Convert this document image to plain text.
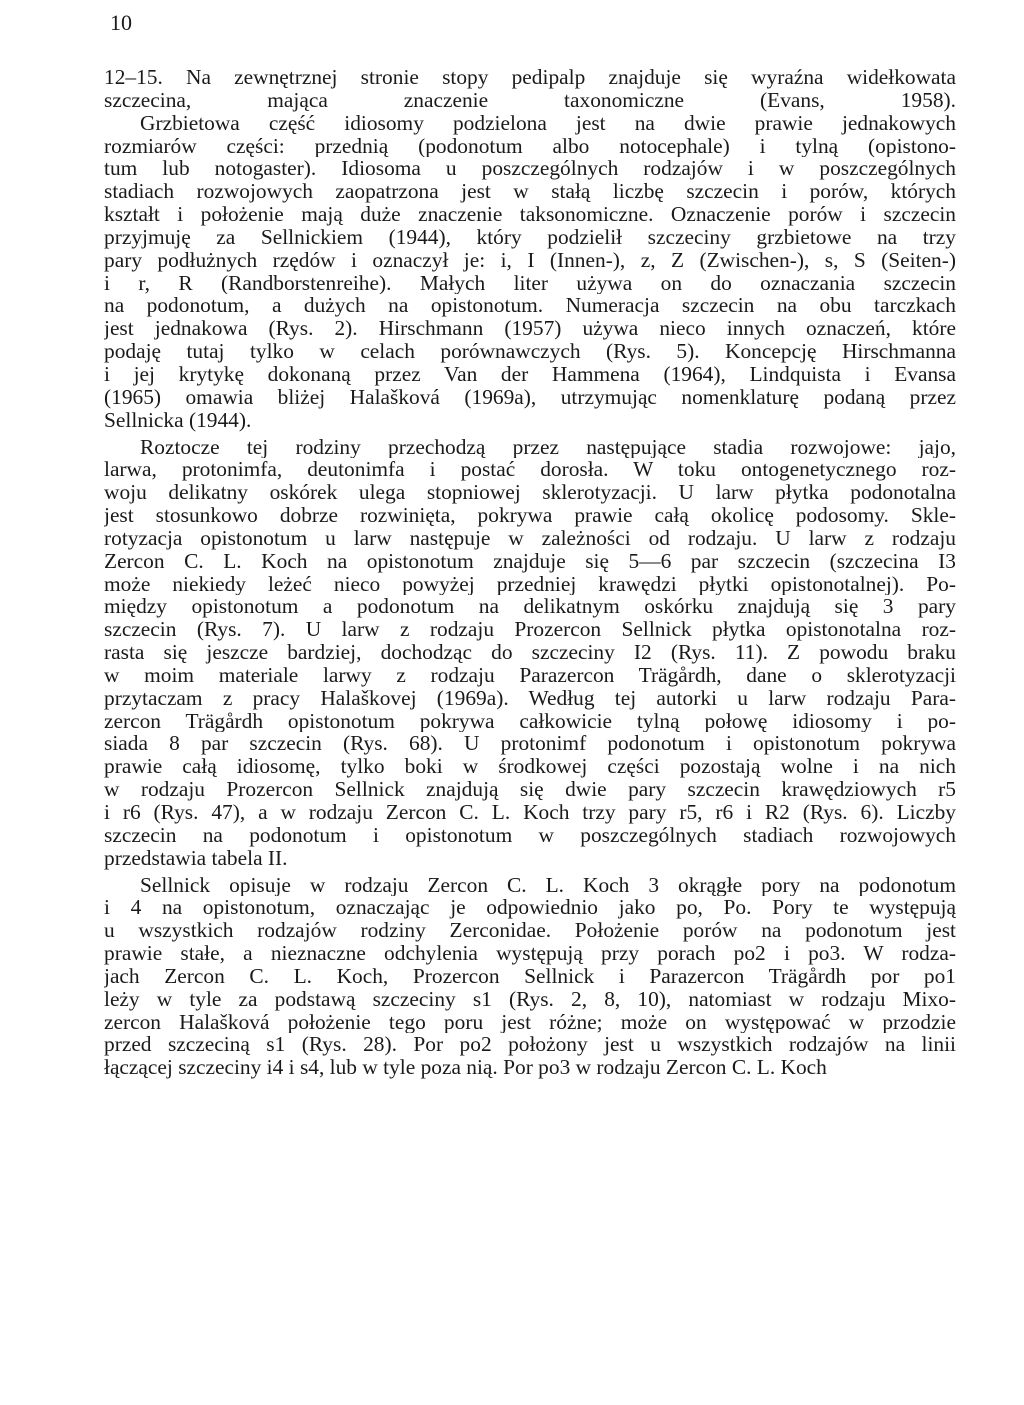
10

12–15. Na zewnętrznej stronie stopy pedipalp znajduje się wyraźna widełkowata
szczecina, mająca znaczenie taxonomiczne (Evans, 1958).
Grzbietowa część idiosomy podzielona jest na dwie prawie jednakowych
rozmiarów części: przednią (podonotum albo notocephale) i tylną (opistono-
tum lub notogaster). Idiosoma u poszczególnych rodzajów i w poszczególnych
stadiach rozwojowych zaopatrzona jest w stałą liczbę szczecin i porów, których
kształt i położenie mają duże znaczenie taksonomiczne. Oznaczenie porów i szczecin
przyjmuję za Sellnickiem (1944), który podzielił szczeciny grzbietowe na trzy
pary podłużnych rzędów i oznaczył je: i, I (Innen-), z, Z (Zwischen-), s, S (Seiten-)
i r, R (Randborstenreihe). Małych liter używa on do oznaczania szczecin
na podonotum, a dużych na opistonotum. Numeracja szczecin na obu tarczkach
jest jednakowa (Rys. 2). Hirschmann (1957) używa nieco innych oznaczeń, które
podaję tutaj tylko w celach porównawczych (Rys. 5). Koncepcję Hirschmanna
i jej krytykę dokonaną przez Van der Hammena (1964), Lindquista i Evansa
(1965) omawia bliżej Halašková (1969a), utrzymując nomenklaturę podaną przez
Sellnicka (1944).

Roztocze tej rodziny przechodzą przez następujące stadia rozwojowe: jajo,
larwa, protonimfa, deutonimfa i postać dorosła. W toku ontogenetycznego roz-
woju delikatny oskórek ulega stopniowej sklerotyzacji. U larw płytka podonotalna
jest stosunkowo dobrze rozwinięta, pokrywa prawie całą okolicę podosomy. Skle-
rotyzacja opistonotum u larw następuje w zależności od rodzaju. U larw z rodzaju
Zercon C. L. Koch na opistonotum znajduje się 5—6 par szczecin (szczecina I3
może niekiedy leżeć nieco powyżej przedniej krawędzi płytki opistonotalnej). Po-
między opistonotum a podonotum na delikatnym oskórku znajdują się 3 pary
szczecin (Rys. 7). U larw z rodzaju Prozercon Sellnick płytka opistonotalna roz-
rasta się jeszcze bardziej, dochodząc do szczeciny I2 (Rys. 11). Z powodu braku
w moim materiale larwy z rodzaju Parazercon Trägårdh, dane o sklerotyzacji
przytaczam z pracy Halaškovej (1969a). Według tej autorki u larw rodzaju Para-
zercon Trägårdh opistonotum pokrywa całkowicie tylną połowę idiosomy i po-
siada 8 par szczecin (Rys. 68). U protonimf podonotum i opistonotum pokrywa
prawie całą idiosomę, tylko boki w środkowej części pozostają wolne i na nich
w rodzaju Prozercon Sellnick znajdują się dwie pary szczecin krawędziowych r5
i r6 (Rys. 47), a w rodzaju Zercon C. L. Koch trzy pary r5, r6 i R2 (Rys. 6). Liczby
szczecin na podonotum i opistonotum w poszczególnych stadiach rozwojowych
przedstawia tabela II.

Sellnick opisuje w rodzaju Zercon C. L. Koch 3 okrągłe pory na podonotum
i 4 na opistonotum, oznaczając je odpowiednio jako po, Po. Pory te występują
u wszystkich rodzajów rodziny Zerconidae. Położenie porów na podonotum jest
prawie stałe, a nieznaczne odchylenia występują przy porach po2 i po3. W rodza-
jach Zercon C. L. Koch, Prozercon Sellnick i Parazercon Trägårdh por po1
leży w tyle za podstawą szczeciny s1 (Rys. 2, 8, 10), natomiast w rodzaju Mixo-
zercon Halašková położenie tego poru jest różne; może on występować w przodzie
przed szczeciną s1 (Rys. 28). Por po2 położony jest u wszystkich rodzajów na linii
łączącej szczeciny i4 i s4, lub w tyle poza nią. Por po3 w rodzaju Zercon C. L. Koch
